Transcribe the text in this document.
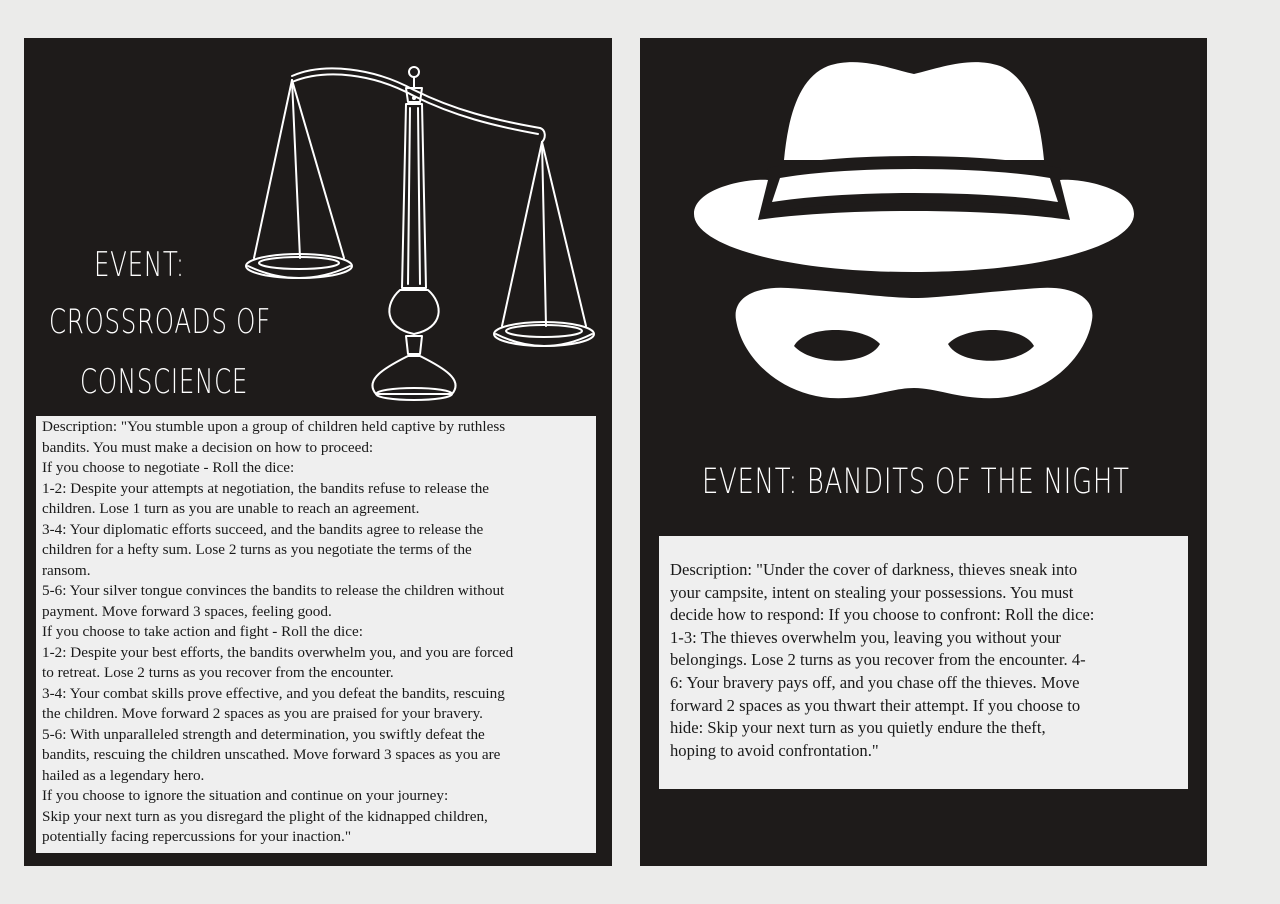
EVENT:
CROSSROADS OF
CONSCIENCE

Description: "You stumble upon a group of children held captive by ruthless

bandits. You must make a decision on how to proceed:

If you choose to negotiate - Roll the dice:

1-2: Despite your attempts at negotiation, the bandits refuse to release the

children. Lose 1 turn as you are unable to reach an agreement.

3-4: Your diplomatic efforts succeed, and the bandits agree to release the

children for a hefty sum. Lose 2 turns as you negotiate the terms of the

ransom.

5-6: Your silver tongue convinces the bandits to release the children without

payment. Move forward 3 spaces, feeling good.

If you choose to take action and fight - Roll the dice:

1-2: Despite your best efforts, the bandits overwhelm you, and you are forced

to retreat. Lose 2 turns as you recover from the encounter.

3-4: Your combat skills prove effective, and you defeat the bandits, rescuing

the children. Move forward 2 spaces as you are praised for your bravery.

5-6: With unparalleled strength and determination, you swiftly defeat the

bandits, rescuing the children unscathed. Move forward 3 spaces as you are

hailed as a legendary hero.

If you choose to ignore the situation and continue on your journey:

Skip your next turn as you disregard the plight of the kidnapped children,

potentially facing repercussions for your inaction."

EVENT: BANDITS OF THE NIGHT

Description: "Under the cover of darkness, thieves sneak into

your campsite, intent on stealing your possessions. You must

decide how to respond: If you choose to confront: Roll the dice:

1-3: The thieves overwhelm you, leaving you without your

belongings. Lose 2 turns as you recover from the encounter. 4-

6: Your bravery pays off, and you chase off the thieves. Move

forward 2 spaces as you thwart their attempt. If you choose to

hide: Skip your next turn as you quietly endure the theft,

hoping to avoid confrontation."
